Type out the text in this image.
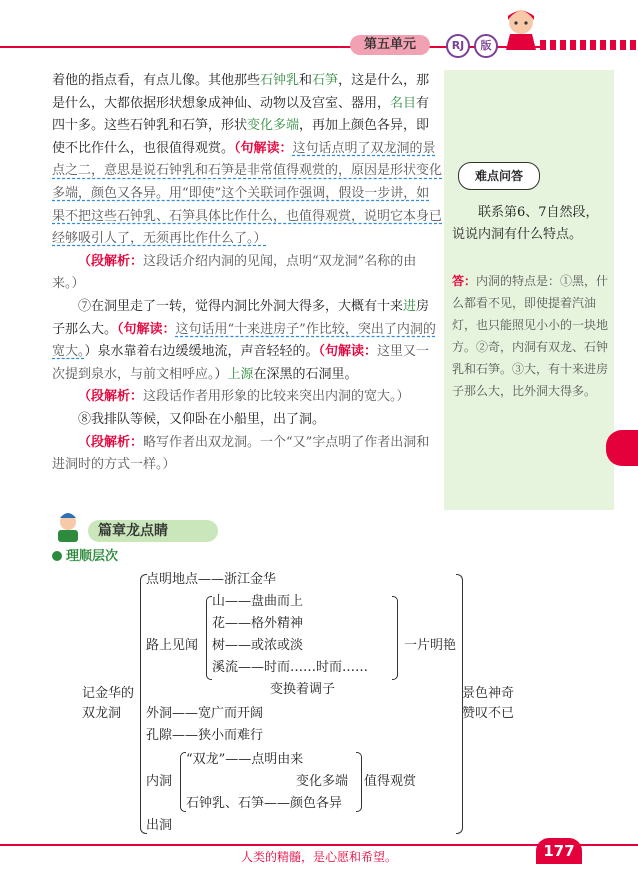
第五单元	RJ	版

着他的指点看，有点儿像。其他那些石钟乳和石笋，这是什么，那是什么，大都依据形状想象成神仙、动物以及宫室、器用，名目有四十多。这些石钟乳和石笋，形状变化多端，再加上颜色各异，即使不比作什么，也很值得观赏。（句解读：这句话点明了双龙洞的景点之二，意思是说石钟乳和石笋是非常值得观赏的，原因是形状变化多端，颜色又各异。用“即使”这个关联词作强调，假设一步讲，如果不把这些石钟乳、石笋具体比作什么，也值得观赏，说明它本身已经够吸引人了，无须再比作什么了。）

（段解析：这段话介绍内洞的见闻，点明“双龙洞”名称的由来。）

⑦在洞里走了一转，觉得内洞比外洞大得多，大概有十来进房子那么大。（句解读：这句话用“十来进房子”作比较，突出了内洞的宽大。）泉水靠着右边缓缓地流，声音轻轻的。（句解读：这里又一次提到泉水，与前文相呼应。）上源在深黑的石洞里。

（段解析：这段话作者用形象的比较来突出内洞的宽大。）

⑧我排队等候，又仰卧在小船里，出了洞。

（段解析：略写作者出双龙洞。一个“又”字点明了作者出洞和进洞时的方式一样。）

难点问答
联系第6、7自然段，说说内洞有什么特点。
答：内洞的特点是：①黑，什么都看不见，即使提着汽油灯，也只能照见小小的一块地方。②奇，内洞有双龙、石钟乳和石笋。③大，有十来进房子那么大，比外洞大得多。
篇章龙点睛
理顺层次
点明地点——浙江金华
山——盘曲而上
花——格外精神
路上见闻 树——或浓或淡	一片明艳
溪流——时而……时而……
变换着调子
记金华的
双龙洞
景色神奇
赞叹不已
外洞——宽广而开阔
孔隙——狭小而难行
“双龙”——点明由来
内洞	变化多端 值得观赏
石钟乳、石笋——颜色各异
出洞
人类的精髓，是心愿和希望。	177
